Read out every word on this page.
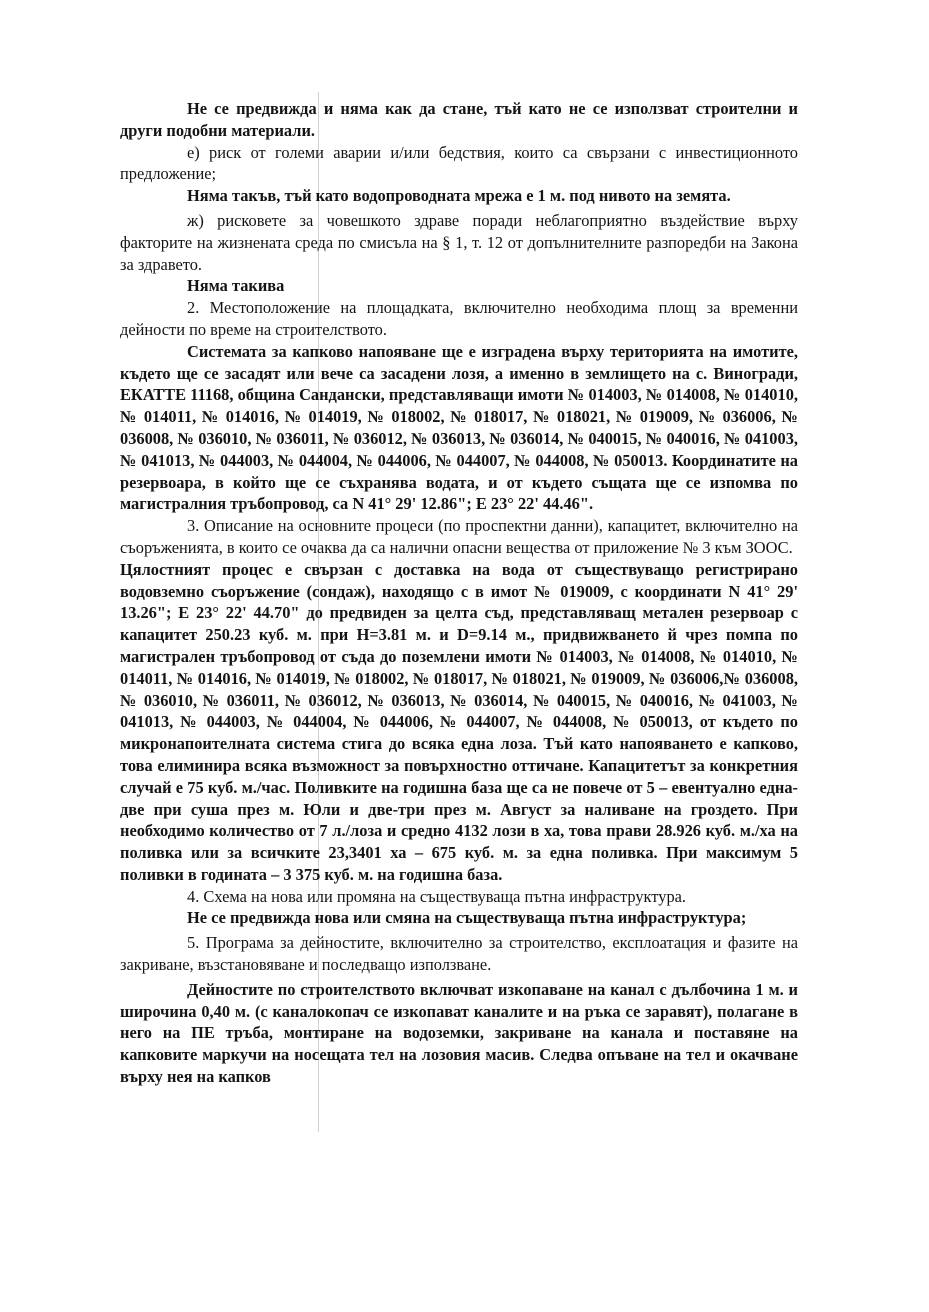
Не се предвижда и няма как да стане, тъй като не се използват строителни и други подобни материали.

е) риск от големи аварии и/или бедствия, които са свързани с инвестиционното предложение;

Няма такъв, тъй като водопроводната мрежа е 1 м. под нивото на земята.

ж) рисковете за човешкото здраве поради неблагоприятно въздействие върху факторите на жизнената среда по смисъла на § 1, т. 12 от допълнителните разпоредби на Закона за здравето.

Няма такива

2. Местоположение на площадката, включително необходима площ за временни дейности по време на строителството.

Системата за капково напояване ще е изградена върху територията на имотите, където ще се засадят или вече са засадени лозя, а именно в землището на с. Виногради, ЕКАТТЕ 11168, община Сандански, представляващи имоти № 014003, № 014008, № 014010, № 014011, № 014016, № 014019, № 018002, № 018017, № 018021, № 019009, № 036006, № 036008, № 036010, № 036011, № 036012, № 036013, № 036014, № 040015, № 040016, № 041003, № 041013, № 044003, № 044004, № 044006, № 044007, № 044008, № 050013. Координатите на резервоара, в който ще се съхранява водата, и от където същата ще се изпомва по магистралния тръбопровод, са N 41° 29' 12.86"; E 23° 22' 44.46".

3. Описание на основните процеси (по проспектни данни), капацитет, включително на съоръженията, в които се очаква да са налични опасни вещества от приложение № 3 към ЗООС.

Цялостният процес е свързан с доставка на вода от съществуващо регистрирано водовземно съоръжение (сондаж), находящо с в имот № 019009, с координати N 41° 29' 13.26"; E 23° 22' 44.70" до предвиден за целта съд, представляващ метален резервоар с капацитет 250.23 куб. м. при H=3.81 м. и D=9.14 м., придвижването й чрез помпа по магистрален тръбопровод от съда до поземлени имоти № 014003, № 014008, № 014010, № 014011, № 014016, № 014019, № 018002, № 018017, № 018021, № 019009, № 036006,№ 036008, № 036010, № 036011, № 036012, № 036013, № 036014, № 040015, № 040016, № 041003, № 041013, № 044003, № 044004, № 044006, № 044007, № 044008, № 050013, от където по микронапоителната система стига до всяка една лоза. Тъй като напояването е капково, това елиминира всяка възможност за повърхностно оттичане. Капацитетът за конкретния случай е 75 куб. м./час. Поливките на годишна база ще са не повече от 5 – евентуално една-две при суша през м. Юли и две-три през м. Август за наливане на гроздето. При необходимо количество от 7 л./лоза и средно 4132 лози в ха, това прави 28.926 куб. м./ха на поливка или за всичките 23,3401 ха – 675 куб. м. за една поливка. При максимум 5 поливки в годината – 3 375 куб. м. на годишна база.

4. Схема на нова или промяна на съществуваща пътна инфраструктура.

Не се предвижда нова или смяна на съществуваща пътна инфраструктура;

5. Програма за дейностите, включително за строителство, експлоатация и фазите на закриване, възстановяване и последващо използване.

Дейностите по строителството включват изкопаване на канал с дълбочина 1 м. и широчина 0,40 м. (с каналокопач се изкопават каналите и на ръка се заравят), полагане в него на ПЕ тръба, монтиране на водоземки, закриване на канала и поставяне на капковите маркучи на носещата тел на лозовия масив. Следва опъване на тел и окачване върху нея на капков
